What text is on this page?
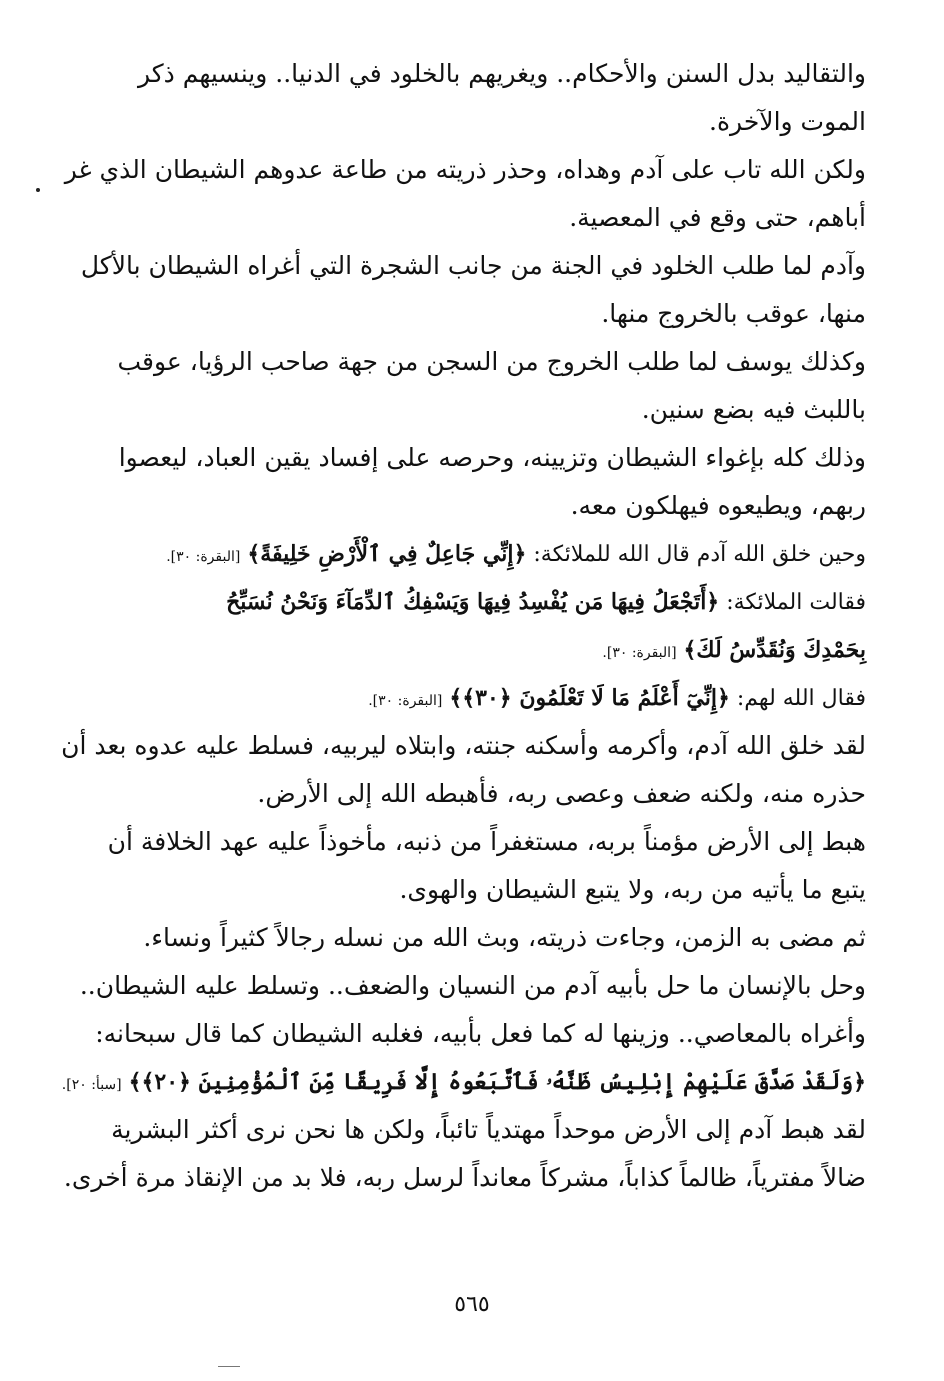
والتقاليد بدل السنن والأحكام.. ويغريهم بالخلود في الدنيا.. وينسيهم ذكر
الموت والآخرة.
ولكن الله تاب على آدم وهداه، وحذر ذريته من طاعة عدوهم الشيطان الذي غر
أباهم، حتى وقع في المعصية.
وآدم لما طلب الخلود في الجنة من جانب الشجرة التي أغراه الشيطان بالأكل
منها، عوقب بالخروج منها.
وكذلك يوسف لما طلب الخروج من السجن من جهة صاحب الرؤيا، عوقب
باللبث فيه بضع سنين.
وذلك كله بإغواء الشيطان وتزيينه، وحرصه على إفساد يقين العباد، ليعصوا
ربهم، ويطيعوه فيهلكون معه.
وحين خلق الله آدم قال الله للملائكة: ﴿إِنِّي جَاعِلٌ فِي ٱلْأَرْضِ خَلِيفَةً﴾ [البقرة: ٣٠].
فقالت الملائكة: ﴿أَتَجْعَلُ فِيهَا مَن يُفْسِدُ فِيهَا وَيَسْفِكُ ٱلدِّمَآءَ وَنَحْنُ نُسَبِّحُ
بِحَمْدِكَ وَنُقَدِّسُ لَكَ﴾ [البقرة: ٣٠].
فقال الله لهم: ﴿إِنِّيٓ أَعْلَمُ مَا لَا تَعْلَمُونَ ﴿٣٠﴾﴾ [البقرة: ٣٠].
لقد خلق الله آدم، وأكرمه وأسكنه جنته، وابتلاه ليربيه، فسلط عليه عدوه بعد أن
حذره منه، ولكنه ضعف وعصى ربه، فأهبطه الله إلى الأرض.
هبط إلى الأرض مؤمناً بربه، مستغفراً من ذنبه، مأخوذاً عليه عهد الخلافة أن
يتبع ما يأتيه من ربه، ولا يتبع الشيطان والهوى.
ثم مضى به الزمن، وجاءت ذريته، وبث الله من نسله رجالاً كثيراً ونساء.
وحل بالإنسان ما حل بأبيه آدم من النسيان والضعف.. وتسلط عليه الشيطان..
وأغراه بالمعاصي.. وزينها له كما فعل بأبيه، فغلبه الشيطان كما قال سبحانه:
﴿وَلَقَدْ صَدَّقَ عَلَيْهِمْ إِبْلِيسُ ظَنَّهُۥ فَٱتَّبَعُوهُ إِلَّا فَرِيقًا مِّنَ ٱلْمُؤْمِنِينَ ﴿٢٠﴾﴾ [سبأ: ٢٠].
لقد هبط آدم إلى الأرض موحداً مهتدياً تائباً، ولكن ها نحن نرى أكثر البشرية
ضالاً مفترياً، ظالماً كذاباً، مشركاً معانداً لرسل ربه، فلا بد من الإنقاذ مرة أخرى.
٥٦٥
